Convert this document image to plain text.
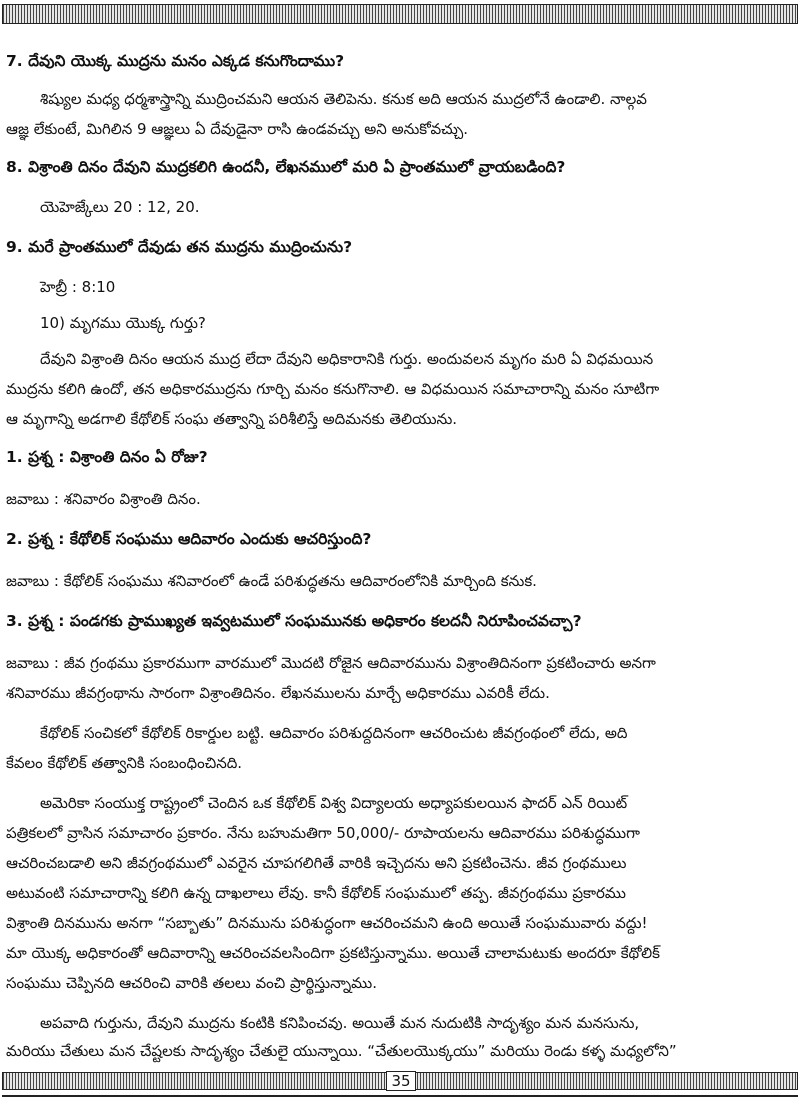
7. దేవుని యొక్క ముద్రను మనం ఎక్కడ కనుగొందాము?

శిష్యుల మధ్య ధర్మశాస్త్రాన్ని ముద్రించమని ఆయన తెలిపెను. కనుక అది ఆయన ముద్రలోనే ఉండాలి. నాల్గవ

ఆజ్ఞ లేకుంటే, మిగిలిన 9 ఆజ్ఞలు ఏ దేవుడైనా రాసి ఉండవచ్చు అని అనుకోవచ్చు.

8. విశ్రాంతి దినం దేవుని ముద్రకలిగి ఉందనీ, లేఖనములో మరి ఏ ప్రాంతములో వ్రాయబడింది?

యెహెజ్కేలు 20 : 12, 20.

9. మరే ప్రాంతములో దేవుడు తన ముద్రను ముద్రించును?

హెబ్రీ : 8:10

10) మృగము యొక్క గుర్తు?

దేవుని విశ్రాంతి దినం ఆయన ముద్ర లేదా దేవుని అధికారానికి గుర్తు. అందువలన మృగం మరి ఏ విధమయిన

ముద్రను కలిగి ఉందో, తన అధికారముద్రను గూర్చి మనం కనుగొనాలి. ఆ విధమయిన సమాచారాన్ని మనం సూటిగా

ఆ మృగాన్ని అడగాలి కేథోలిక్ సంఘ తత్వాన్ని పరిశీలిస్తే అదిమనకు తెలియును.

1. ప్రశ్న : విశ్రాంతి దినం ఏ రోజు?

జవాబు : శనివారం విశ్రాంతి దినం.

2. ప్రశ్న : కేథోలిక్ సంఘము ఆదివారం ఎందుకు ఆచరిస్తుంది?

జవాబు : కేథోలిక్ సంఘము శనివారంలో ఉండే పరిశుద్ధతను ఆదివారంలోనికి మార్చింది కనుక.

3. ప్రశ్న : పండగకు ప్రాముఖ్యత ఇవ్వటములో సంఘమునకు అధికారం కలదనీ నిరూపించవచ్చా?

జవాబు : జీవ గ్రంథము ప్రకారముగా వారములో మొదటి రోజైన ఆదివారమును విశ్రాంతిదినంగా ప్రకటించారు అనగా

శనివారము జీవగ్రంథాను సారంగా విశ్రాంతిదినం. లేఖనములను మార్చే అధికారము ఎవరికీ లేదు.

కేథోలిక్ సంచికలో కేథోలిక్ రికార్డుల బట్టి. ఆదివారం పరిశుద్దదినంగా ఆచరించుట జీవగ్రంథంలో లేదు, అది

కేవలం కేథోలిక్ తత్వానికి సంబంధించినది.

అమెరికా సంయుక్త రాష్ట్రంలో చెందిన ఒక కేథోలిక్ విశ్వ విద్యాలయ అధ్యాపకులయిన ఫాదర్ ఎన్ రియిట్

పత్రికలలో వ్రాసిన సమాచారం ప్రకారం. నేను బహుమతిగా 50,000/- రూపాయలను ఆదివారము పరిశుద్ధముగా

ఆచరించబడాలి అని జీవగ్రంథములో ఎవరైన చూపగలిగితే వారికి ఇచ్చెదను అని ప్రకటించెను. జీవ గ్రంథములు

అటువంటి సమాచారాన్ని కలిగి ఉన్న దాఖలాలు లేవు. కానీ కేథోలిక్ సంఘములో తప్ప. జీవగ్రంథము ప్రకారము

విశ్రాంతి దినమును అనగా “సబ్బాతు” దినమును పరిశుద్ధంగా ఆచరించమని ఉంది అయితే సంఘమువారు వద్దు!

మా యొక్క అధికారంతో ఆదివారాన్ని ఆచరించవలసిందిగా ప్రకటిస్తున్నాము. అయితే చాలామటుకు అందరూ కేథోలిక్

సంఘము చెప్పినది ఆచరించి వారికి తలలు వంచి ప్రార్థిస్తున్నాము.

అపవాది గుర్తును, దేవుని ముద్రను కంటికి కనిపించవు. అయితే మన నుదుటికి సాదృశ్యం మన మనసును,

మరియు చేతులు మన చేష్టలకు సాదృశ్యం చేతులై యున్నాయి. “చేతులయొక్కయు” మరియు రెండు కళ్ళ మధ్యలోని”

35
